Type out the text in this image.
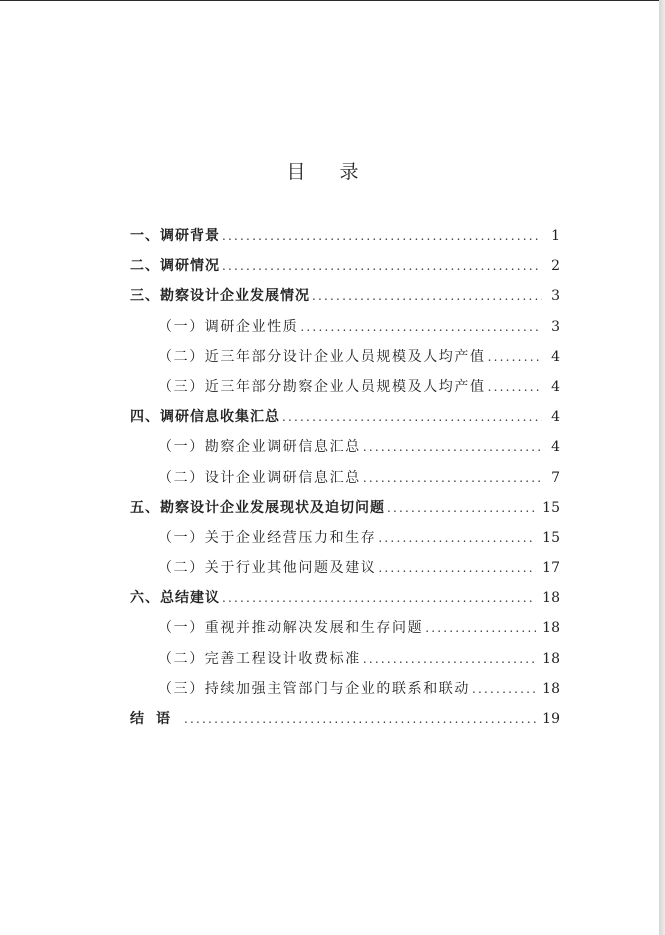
目 录
一、调研背景 .....	1
二、调研情况 .....	2
三、勘察设计企业发展情况 .....	3
（一）调研企业性质 .....	3
（二）近三年部分设计企业人员规模及人均产值 .....	4
（三）近三年部分勘察企业人员规模及人均产值 .....	4
四、调研信息收集汇总 .....	4
（一）勘察企业调研信息汇总 .....	4
（二）设计企业调研信息汇总 .....	7
五、勘察设计企业发展现状及迫切问题 .....	15
（一）关于企业经营压力和生存 .....	15
（二）关于行业其他问题及建议 .....	17
六、总结建议 .....	18
（一）重视并推动解决发展和生存问题 .....	18
（二）完善工程设计收费标准 .....	18
（三）持续加强主管部门与企业的联系和联动 .....	18
结语 .....	19
